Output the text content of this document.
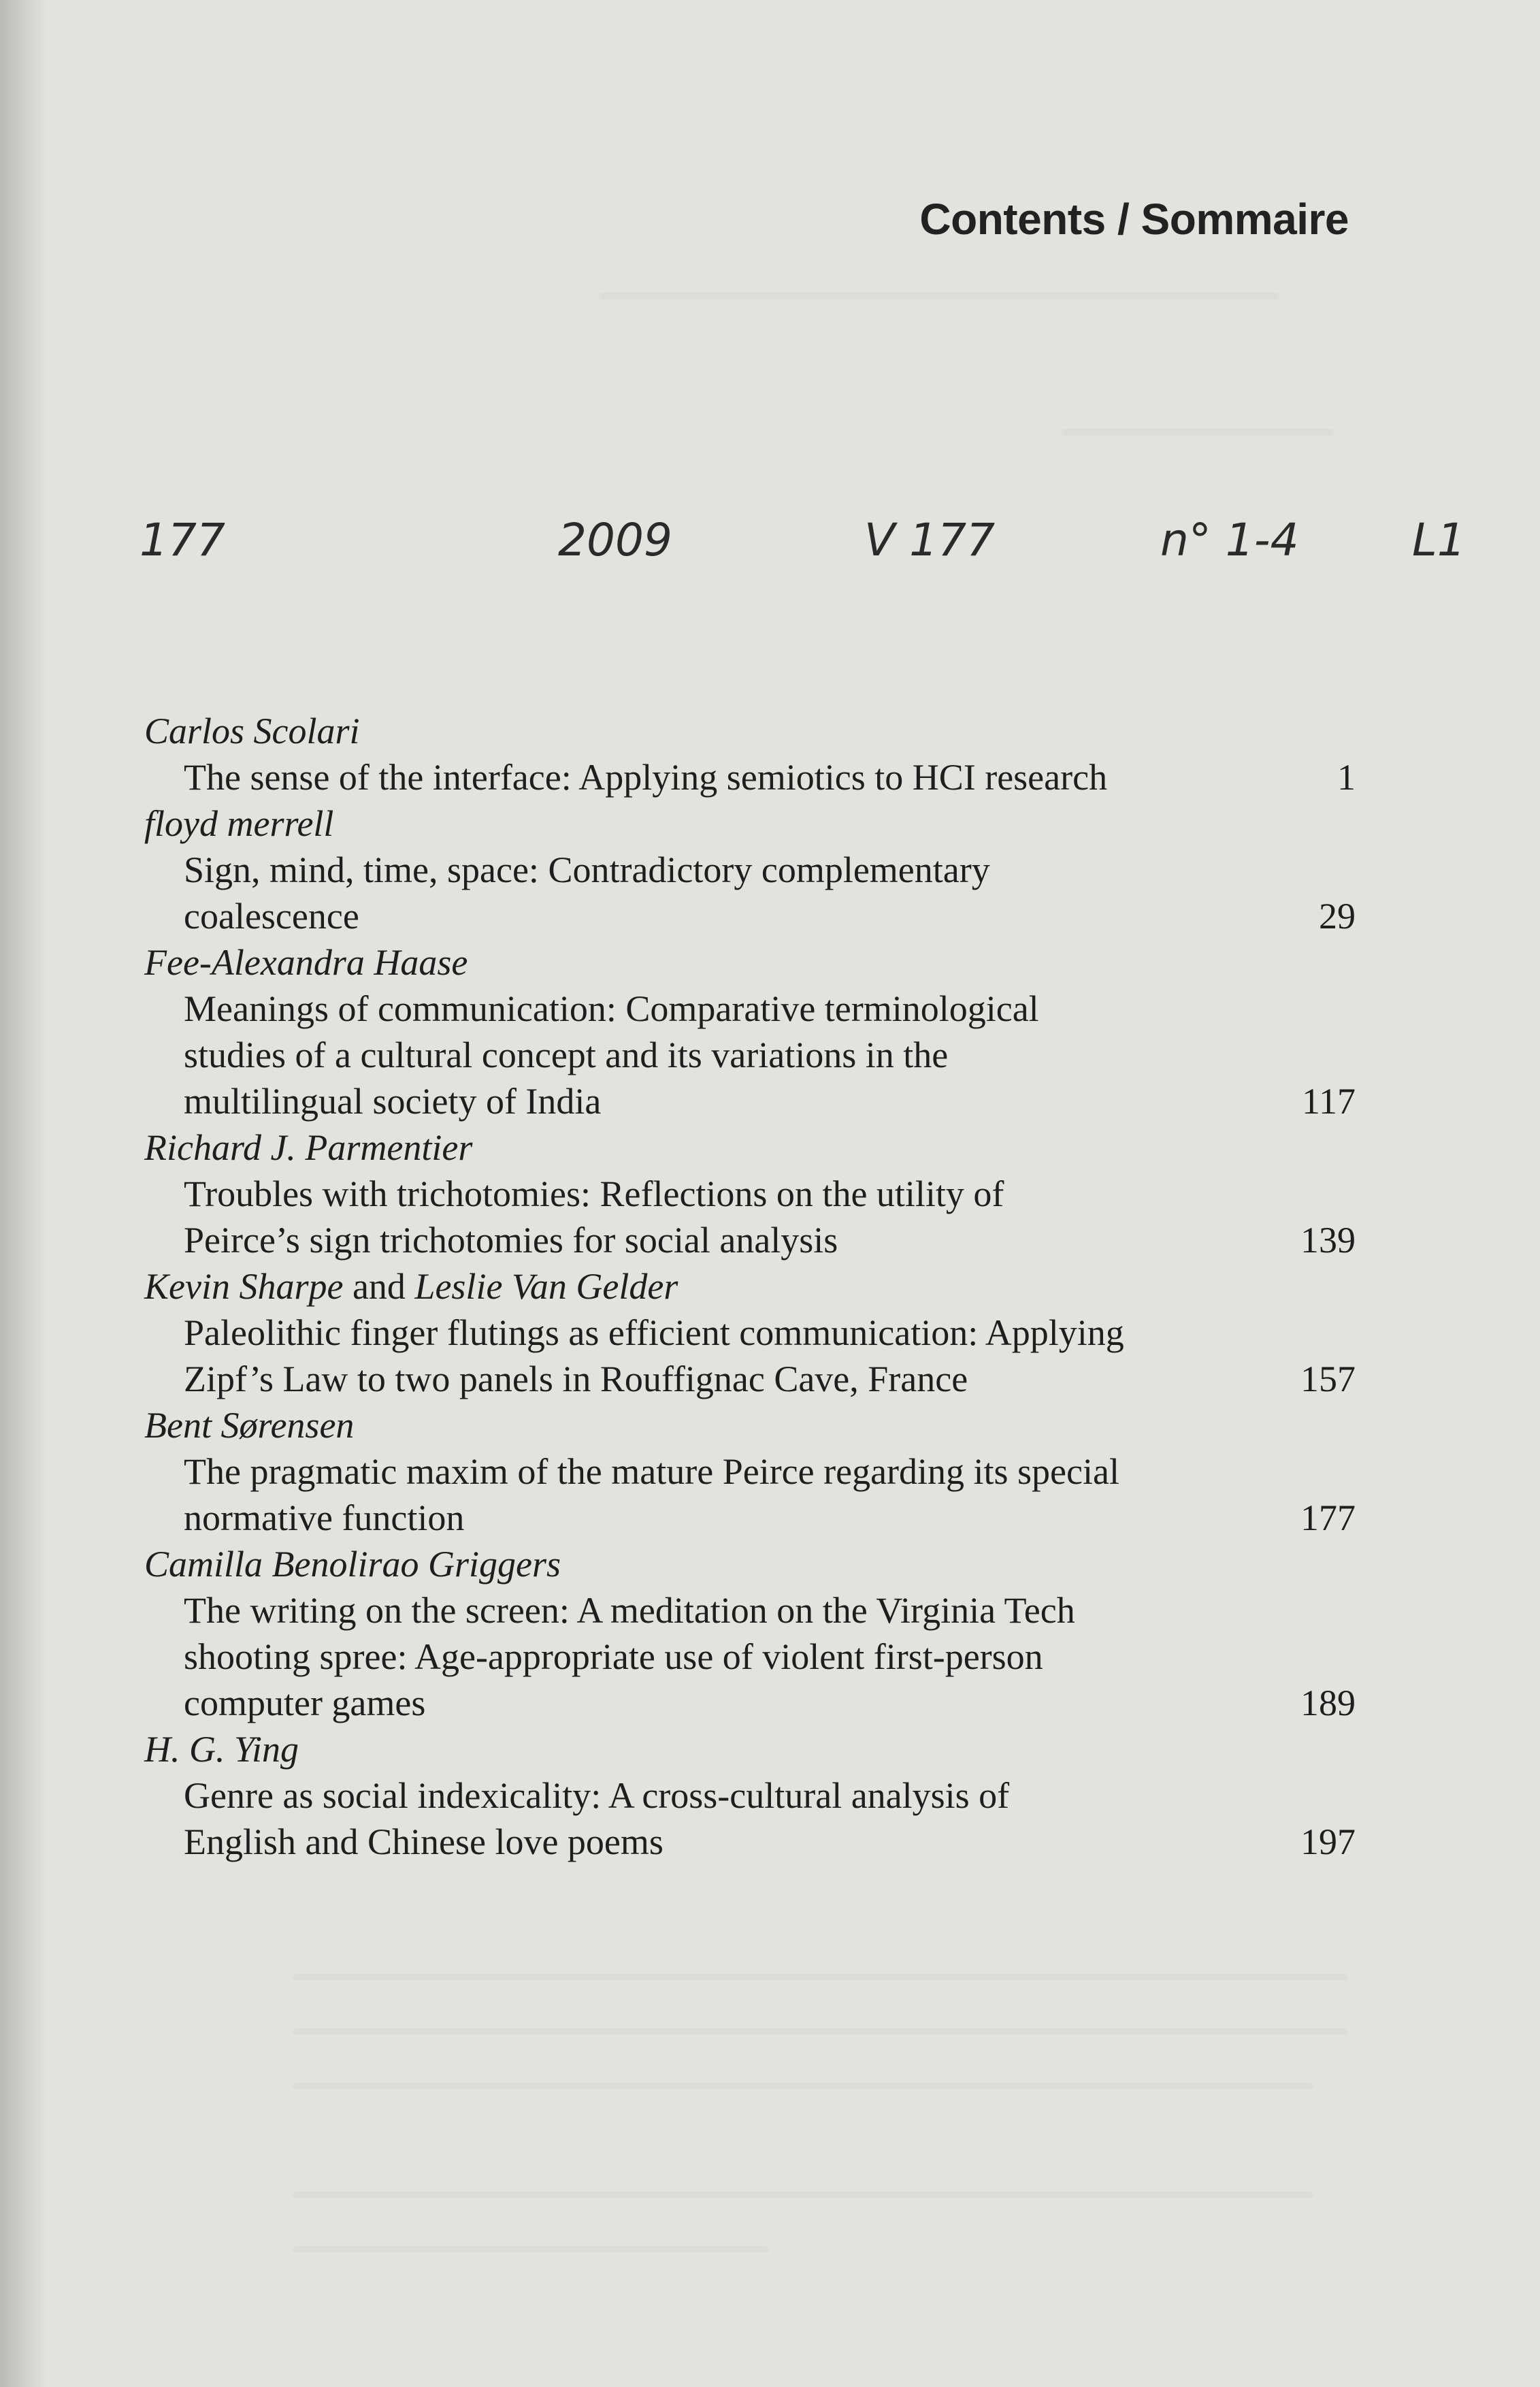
Contents / Sommaire
177	2009	V 177	n° 1-4	L1
Carlos Scolari
The sense of the interface: Applying semiotics to HCI research	1
floyd merrell
Sign, mind, time, space: Contradictory complementary
coalescence	29
Fee-Alexandra Haase
Meanings of communication: Comparative terminological
studies of a cultural concept and its variations in the
multilingual society of India	117
Richard J. Parmentier
Troubles with trichotomies: Reflections on the utility of
Peirce’s sign trichotomies for social analysis	139
Kevin Sharpe and Leslie Van Gelder
Paleolithic finger flutings as efficient communication: Applying
Zipf’s Law to two panels in Rouffignac Cave, France	157
Bent Sørensen
The pragmatic maxim of the mature Peirce regarding its special
normative function	177
Camilla Benolirao Griggers
The writing on the screen: A meditation on the Virginia Tech
shooting spree: Age-appropriate use of violent first-person
computer games	189
H. G. Ying
Genre as social indexicality: A cross-cultural analysis of
English and Chinese love poems	197
